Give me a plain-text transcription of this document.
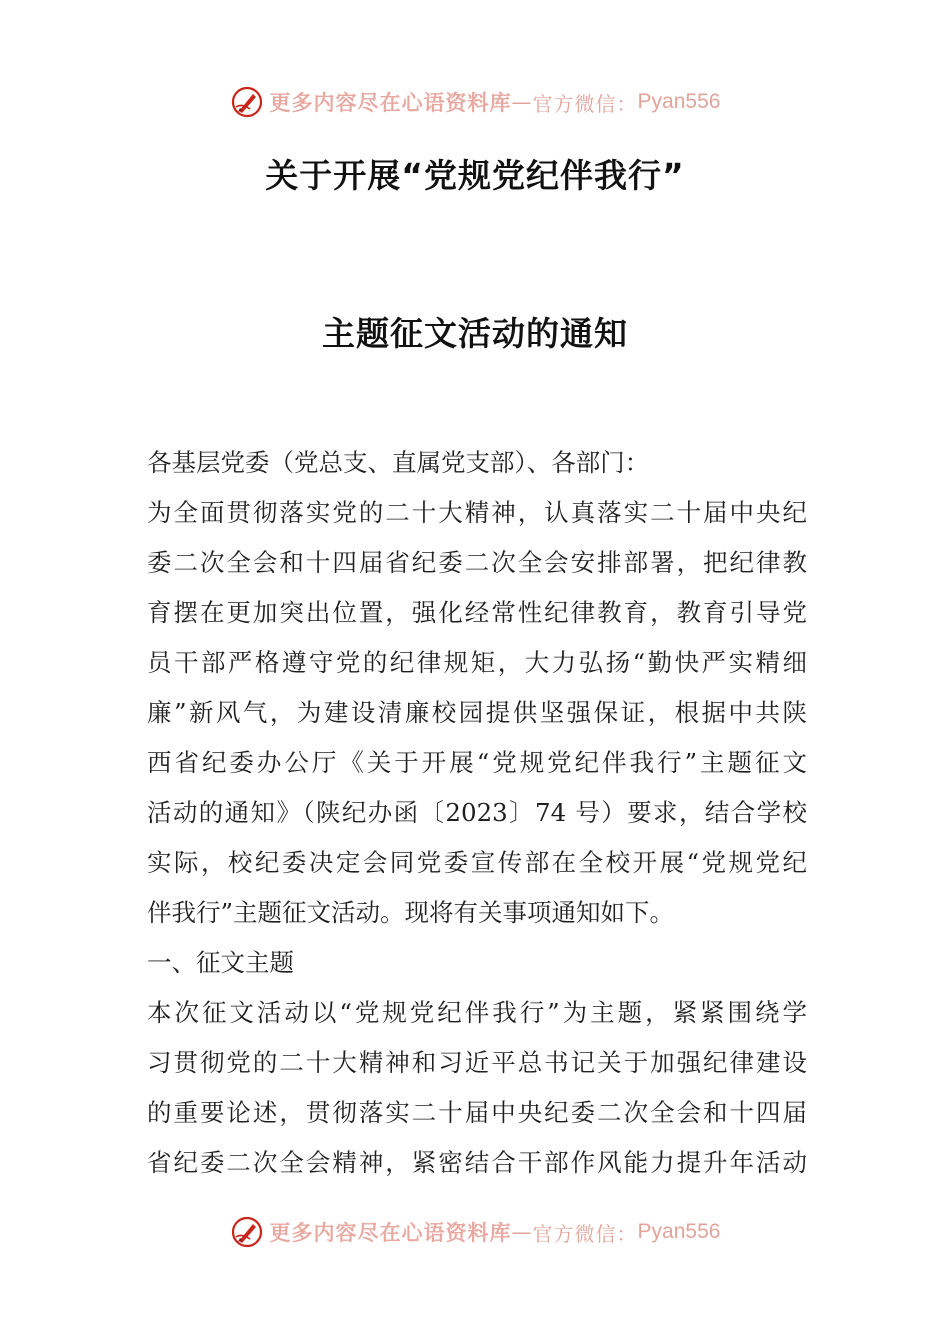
更多内容尽在心语资料库 — 官方微信： Pyan556
关于开展“党规党纪伴我行”
主题征文活动的通知
各基层党委（党总支、直属党支部）、各部门：
为全面贯彻落实党的二十大精神，认真落实二十届中央纪
委二次全会和十四届省纪委二次全会安排部署，把纪律教
育摆在更加突出位置，强化经常性纪律教育，教育引导党
员干部严格遵守党的纪律规矩，大力弘扬“勤快严实精细
廉”新风气，为建设清廉校园提供坚强保证，根据中共陕
西省纪委办公厅《关于开展“党规党纪伴我行”主题征文
活动的通知》（陕纪办函〔2023〕74 号）要求，结合学校
实际，校纪委决定会同党委宣传部在全校开展“党规党纪
伴我行”主题征文活动。现将有关事项通知如下。
一、征文主题
本次征文活动以“党规党纪伴我行”为主题，紧紧围绕学
习贯彻党的二十大精神和习近平总书记关于加强纪律建设
的重要论述，贯彻落实二十届中央纪委二次全会和十四届
省纪委二次全会精神，紧密结合干部作风能力提升年活动
更多内容尽在心语资料库 — 官方微信： Pyan556
